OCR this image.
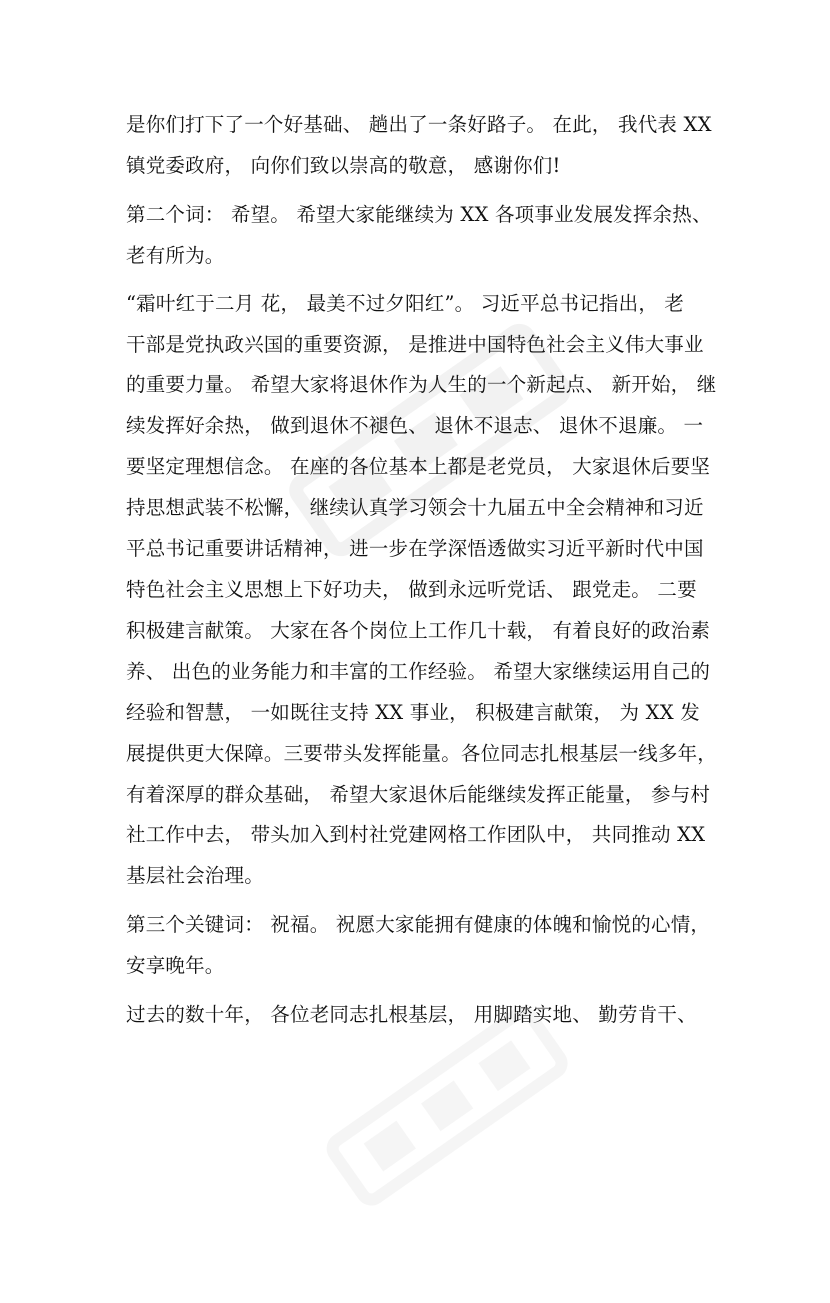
是你们打下了一个好基础、 趟出了一条好路子。 在此， 我代表 XX
镇党委政府， 向你们致以崇高的敬意， 感谢你们!
第二个词： 希望。 希望大家能继续为 XX 各项事业发展发挥余热、
老有所为。
“霜叶红于二月 花， 最美不过夕阳红”。 习近平总书记指出， 老
干部是党执政兴国的重要资源， 是推进中国特色社会主义伟大事业
的重要力量。 希望大家将退休作为人生的一个新起点、 新开始， 继
续发挥好余热， 做到退休不褪色、 退休不退志、 退休不退廉。 一
要坚定理想信念。 在座的各位基本上都是老党员， 大家退休后要坚
持思想武装不松懈， 继续认真学习领会十九届五中全会精神和习近
平总书记重要讲话精神， 进一步在学深悟透做实习近平新时代中国
特色社会主义思想上下好功夫， 做到永远听党话、 跟党走。 二要
积极建言献策。 大家在各个岗位上工作几十载， 有着良好的政治素
养、 出色的业务能力和丰富的工作经验。 希望大家继续运用自己的
经验和智慧， 一如既往支持 XX 事业， 积极建言献策， 为 XX 发
展提供更大保障。三要带头发挥能量。各位同志扎根基层一线多年，
有着深厚的群众基础， 希望大家退休后能继续发挥正能量， 参与村
社工作中去， 带头加入到村社党建网格工作团队中， 共同推动 XX
基层社会治理。
第三个关键词： 祝福。 祝愿大家能拥有健康的体魄和愉悦的心情，
安享晚年。
过去的数十年， 各位老同志扎根基层， 用脚踏实地、 勤劳肯干、
